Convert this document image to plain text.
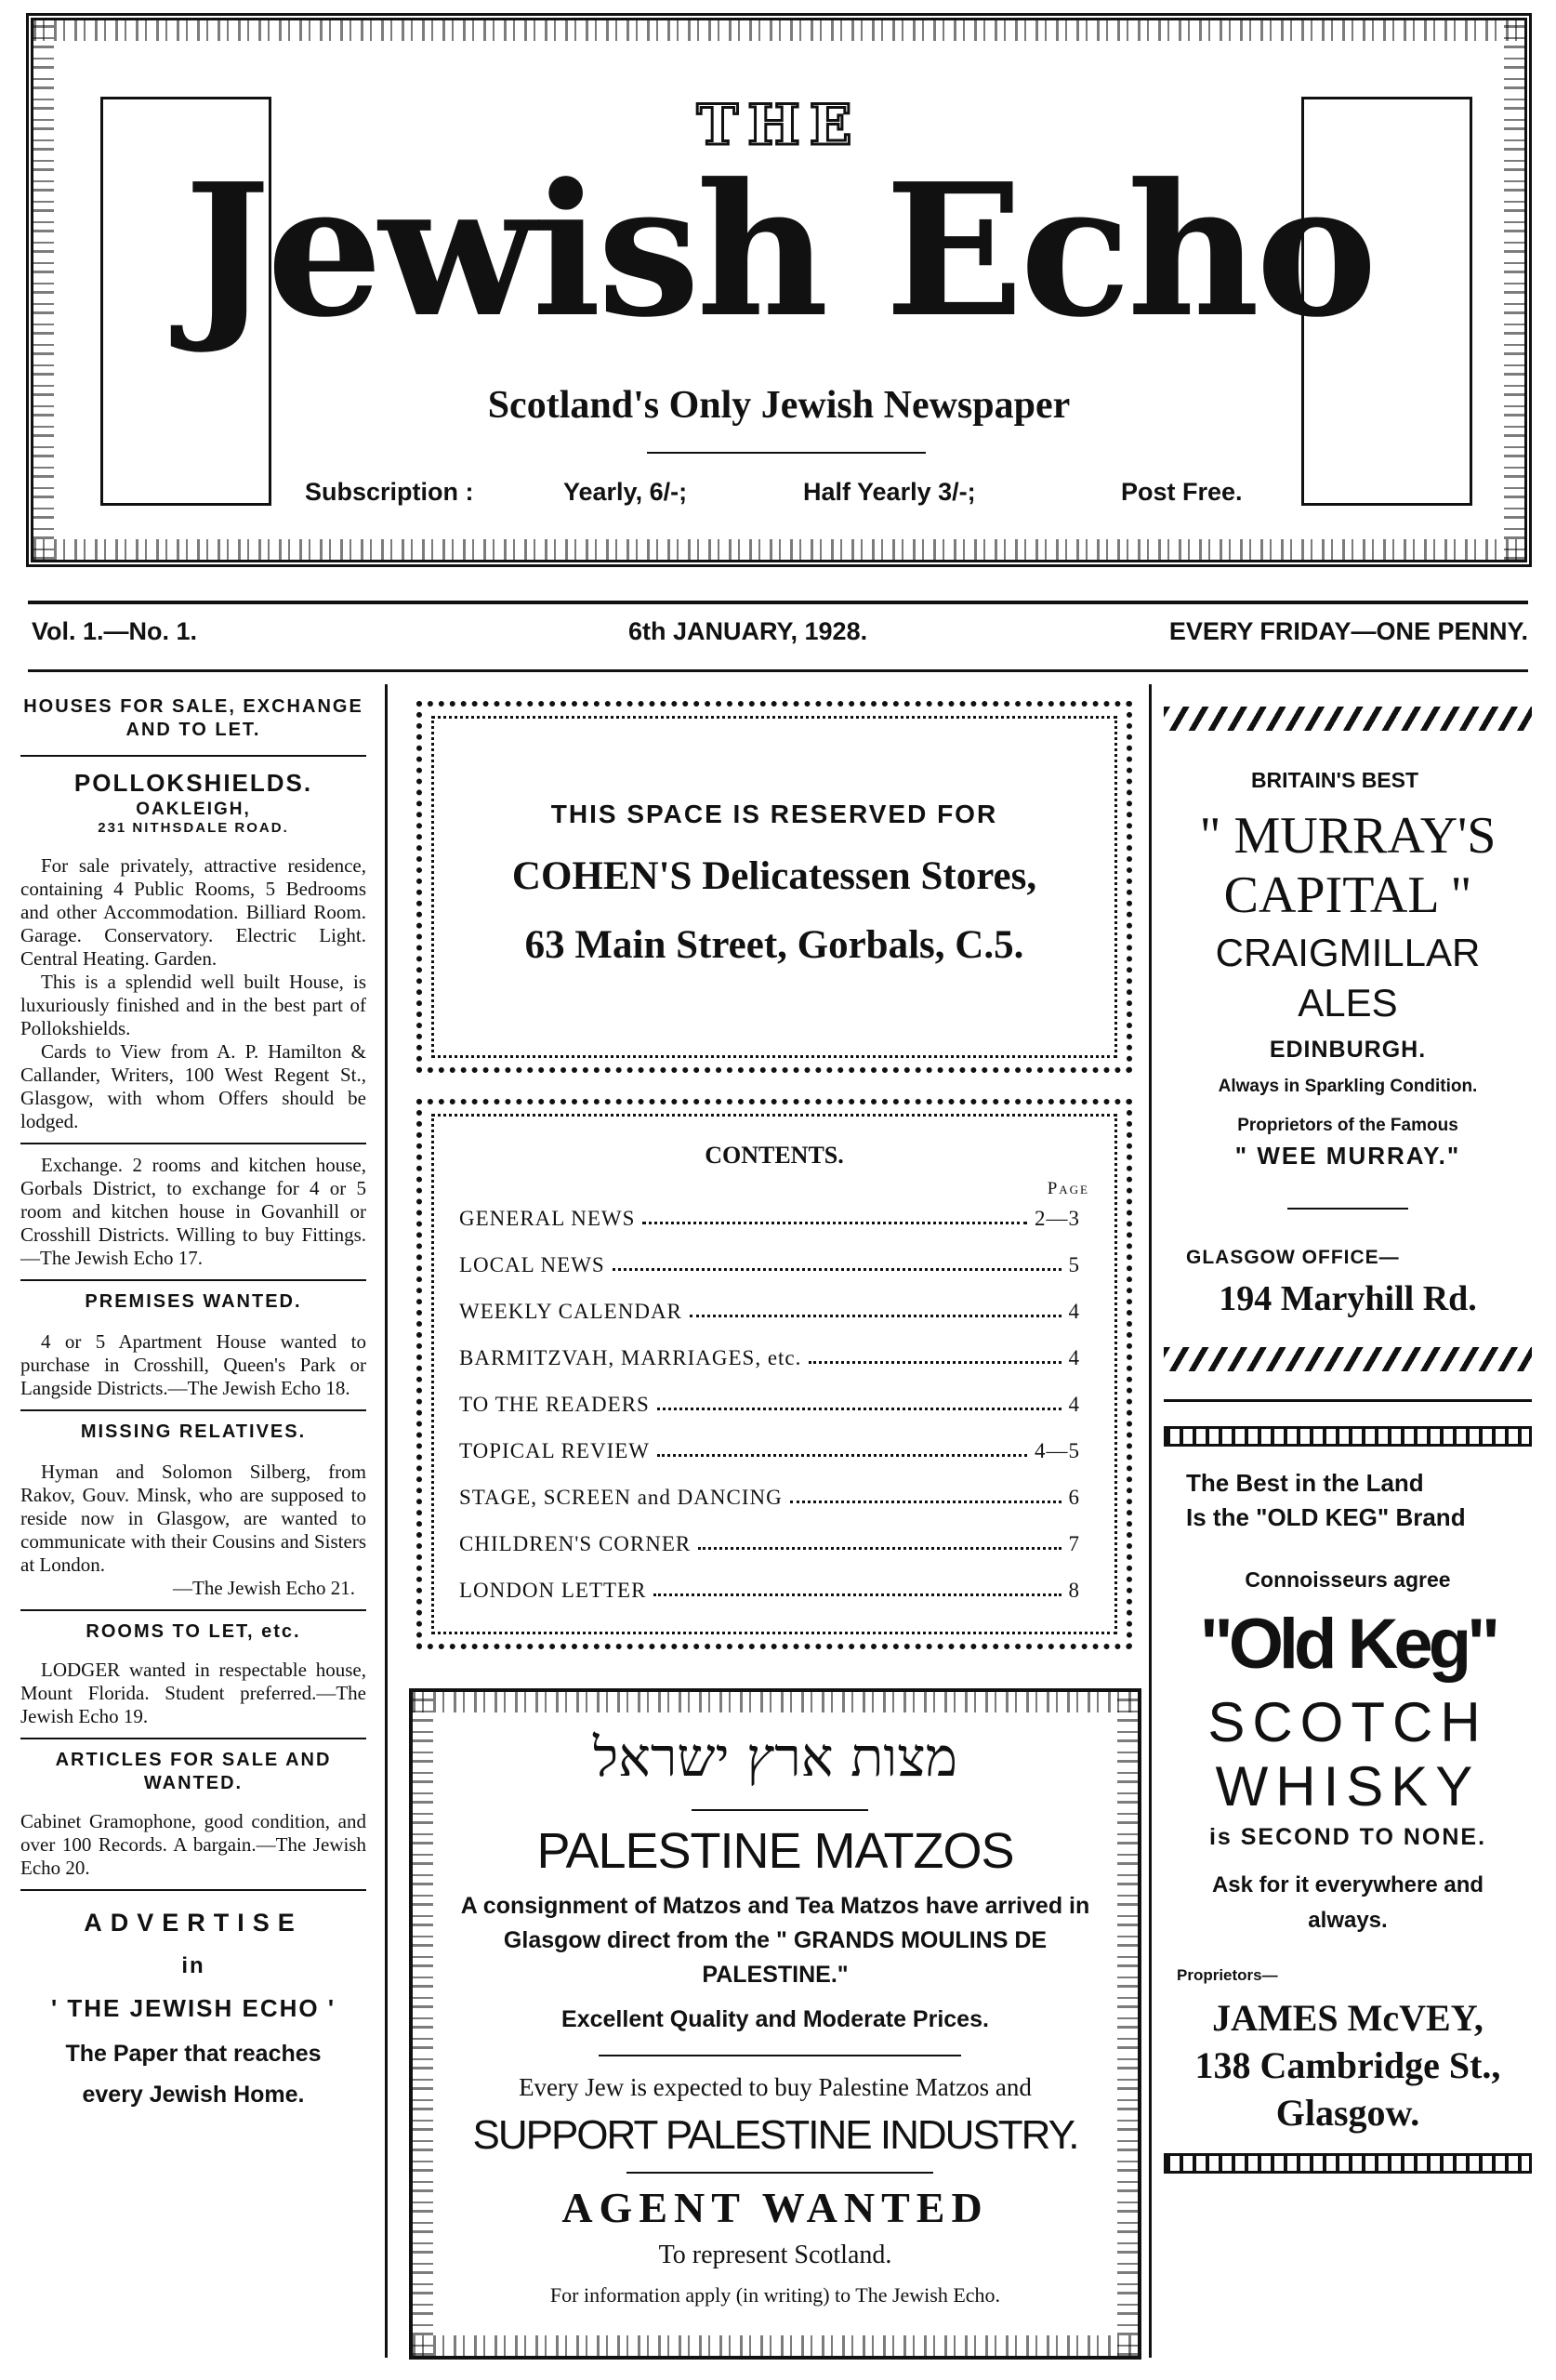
THE
Jewish Echo
Scotland's Only Jewish Newspaper
Subscription :	Yearly, 6/-;	Half Yearly 3/-;	Post Free.
Vol. 1.—No. 1.	6th JANUARY, 1928.	EVERY FRIDAY—ONE PENNY.
HOUSES FOR SALE, EXCHANGE AND TO LET.
POLLOKSHIELDS.
OAKLEIGH,
231 NITHSDALE ROAD.

For sale privately, attractive residence, containing 4 Public Rooms, 5 Bedrooms and other Accommodation. Billiard Room. Garage. Conservatory. Electric Light. Central Heating. Garden.

This is a splendid well built House, is luxuriously finished and in the best part of Pollokshields.

Cards to View from A. P. Hamilton & Callander, Writers, 100 West Regent St., Glasgow, with whom Offers should be lodged.

Exchange. 2 rooms and kitchen house, Gorbals District, to exchange for 4 or 5 room and kitchen house in Govanhill or Crosshill Districts. Willing to buy Fittings.—The Jewish Echo 17.

PREMISES WANTED.

4 or 5 Apartment House wanted to purchase in Crosshill, Queen's Park or Langside Districts.—The Jewish Echo 18.

MISSING RELATIVES.

Hyman and Solomon Silberg, from Rakov, Gouv. Minsk, who are supposed to reside now in Glasgow, are wanted to communicate with their Cousins and Sisters at London.

—The Jewish Echo 21.

ROOMS TO LET, etc.

LODGER wanted in respectable house, Mount Florida. Student preferred.—The Jewish Echo 19.

ARTICLES FOR SALE AND WANTED.

Cabinet Gramophone, good condition, and over 100 Records. A bargain.—The Jewish Echo 20.

ADVERTISE
in
' THE JEWISH ECHO '
The Paper that reaches
every Jewish Home.
THIS SPACE IS RESERVED FOR
COHEN'S Delicatessen Stores,
63 Main Street, Gorbals, C.5.
CONTENTS.
Page
GENERAL NEWS	2—3
LOCAL NEWS	5
WEEKLY CALENDAR	4
BARMITZVAH, MARRIAGES, etc.	4
TO THE READERS	4
TOPICAL REVIEW	4—5
STAGE, SCREEN and DANCING	6
CHILDREN'S CORNER	7
LONDON LETTER	8
מצות ארץ ישראל
PALESTINE MATZOS
A consignment of Matzos and Tea Matzos have arrived in Glasgow direct from the " GRANDS MOULINS DE PALESTINE."
Excellent Quality and Moderate Prices.
Every Jew is expected to buy Palestine Matzos and
SUPPORT PALESTINE INDUSTRY.
AGENT WANTED
To represent Scotland.
For information apply (in writing) to The Jewish Echo.
BRITAIN'S BEST
" MURRAY'S
CAPITAL "
CRAIGMILLAR
ALES
EDINBURGH.
Always in Sparkling Condition.
Proprietors of the Famous
" WEE MURRAY."
GLASGOW OFFICE—
194 Maryhill Rd.
The Best in the Land
Is the "OLD KEG" Brand
Connoisseurs agree
"Old Keg"
SCOTCH
WHISKY
is SECOND TO NONE.
Ask for it everywhere and always.
Proprietors—
JAMES McVEY,
138 Cambridge St.,
Glasgow.
